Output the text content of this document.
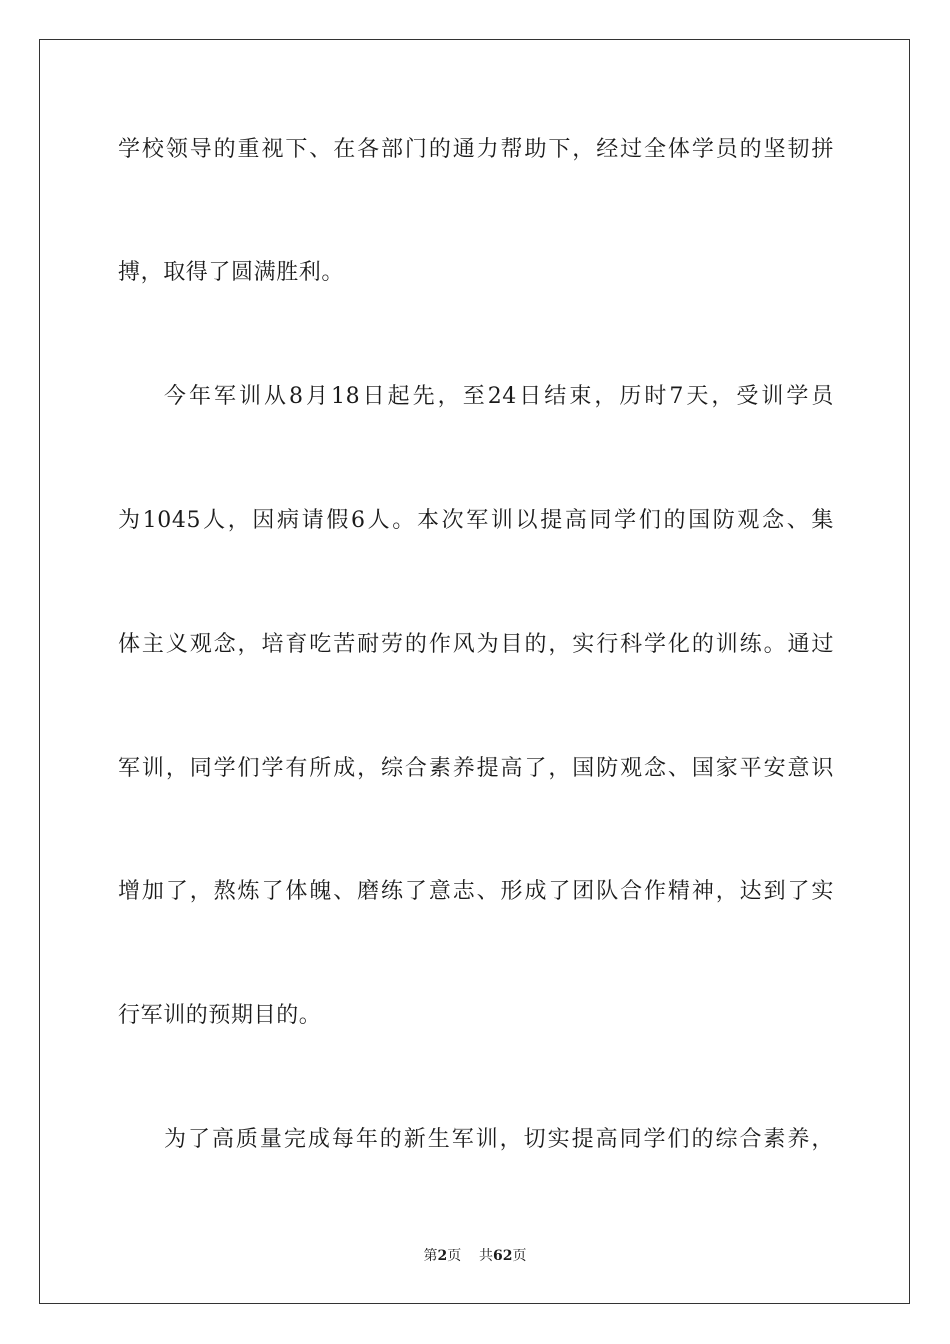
学校领导的重视下、在各部门的通力帮助下，经过全体学员的坚韧拼
搏，取得了圆满胜利。
今年军训从8月18日起先，至24日结束，历时7天，受训学员
为1045人，因病请假6人。本次军训以提高同学们的国防观念、集
体主义观念，培育吃苦耐劳的作风为目的，实行科学化的训练。通过
军训，同学们学有所成，综合素养提高了，国防观念、国家平安意识
增加了，熬炼了体魄、磨练了意志、形成了团队合作精神，达到了实
行军训的预期目的。
为了高质量完成每年的新生军训，切实提高同学们的综合素养，
第2页 共62页
